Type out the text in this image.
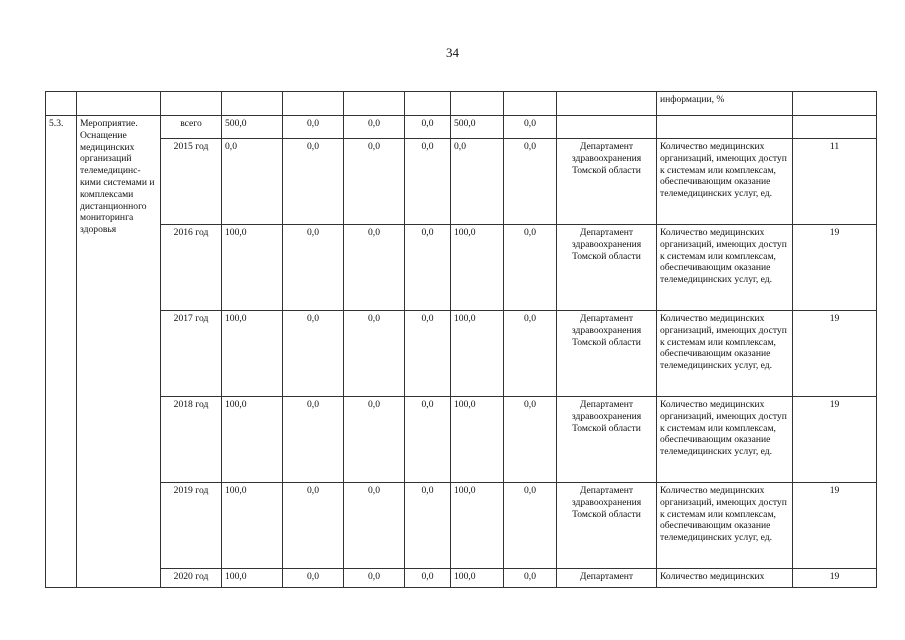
34
										информации, %	
5.3.	Мероприятие. Оснащение медицинских организаций телемедицинс-кими системами и комплексами дистанционного мониторинга здоровья	всего	500,0	0,0	0,0	0,0	500,0	0,0			
		2015 год	0,0	0,0	0,0	0,0	0,0	0,0	Департамент здравоохранения Томской области	Количество медицинских организаций, имеющих доступ к системам или комплексам, обеспечивающим оказание телемедицинских услуг, ед.	11
		2016 год	100,0	0,0	0,0	0,0	100,0	0,0	Департамент здравоохранения Томской области	Количество медицинских организаций, имеющих доступ к системам или комплексам, обеспечивающим оказание телемедицинских услуг, ед.	19
		2017 год	100,0	0,0	0,0	0,0	100,0	0,0	Департамент здравоохранения Томской области	Количество медицинских организаций, имеющих доступ к системам или комплексам, обеспечивающим оказание телемедицинских услуг, ед.	19
		2018 год	100,0	0,0	0,0	0,0	100,0	0,0	Департамент здравоохранения Томской области	Количество медицинских организаций, имеющих доступ к системам или комплексам, обеспечивающим оказание телемедицинских услуг, ед.	19
		2019 год	100,0	0,0	0,0	0,0	100,0	0,0	Департамент здравоохранения Томской области	Количество медицинских организаций, имеющих доступ к системам или комплексам, обеспечивающим оказание телемедицинских услуг, ед.	19
		2020 год	100,0	0,0	0,0	0,0	100,0	0,0	Департамент	Количество медицинских	19
